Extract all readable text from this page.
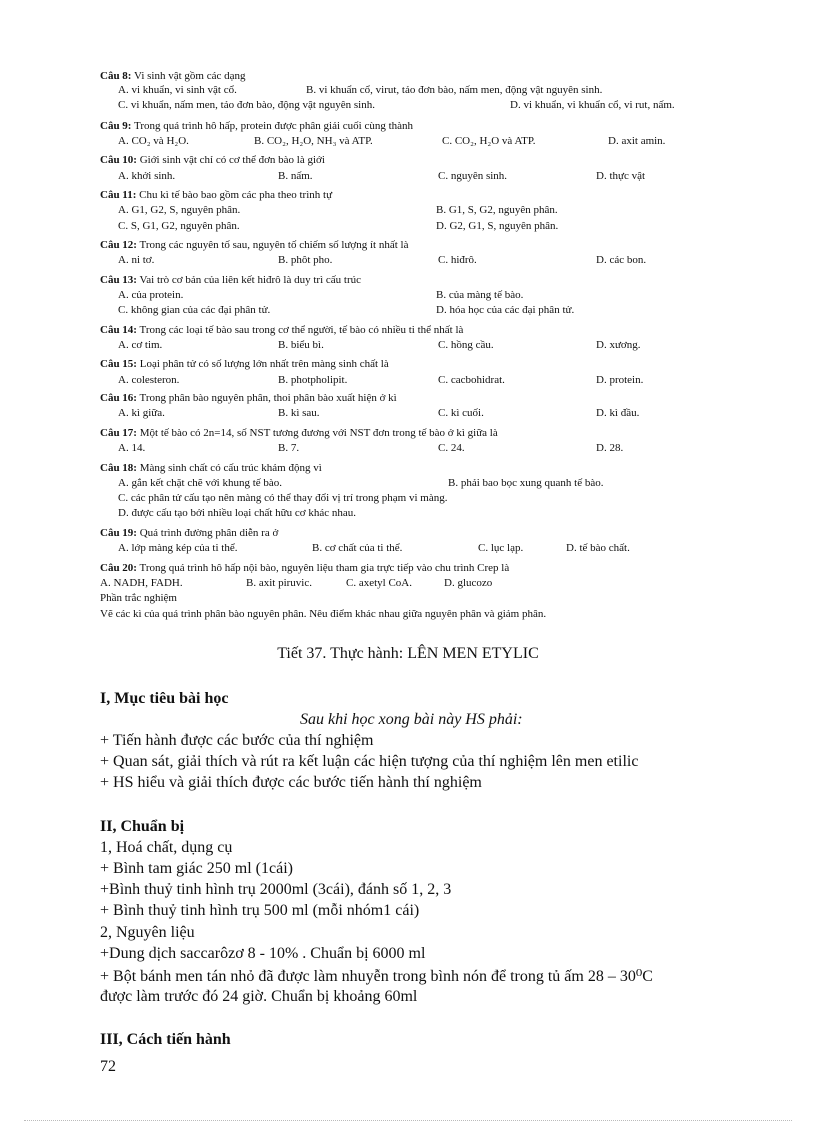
Câu 8: Vi sinh vật gồm các dạng
A. vi khuẩn, vi sinh vật cổ.	B. vi khuẩn cổ, virut, tảo đơn bào, nấm men, động vật nguyên sinh.
C. vi khuẩn, nấm men, tảo đơn bào, động vật nguyên sinh.	D. vi khuẩn, vi khuẩn cổ, vi rut, nấm.
Câu 9: Trong quá trình hô hấp, protein được phân giải cuối cùng thành
A. CO₂ và H₂O.	B. CO₂, H₂O, NH₃ và ATP.	C. CO₂, H₂O và ATP.	D. axit amin.
Câu 10: Giới sinh vật chỉ có cơ thể đơn bào là giới
A. khởi sinh.	B. nấm.	C. nguyên sinh.	D. thực vật
Câu 11: Chu kì tế bào bao gồm các pha theo trình tự
A. G1, G2, S, nguyên phân.	B. G1, S, G2, nguyên phân.
C. S, G1, G2, nguyên phân.	D. G2, G1, S, nguyên phân.
Câu 12: Trong các nguyên tố sau, nguyên tố chiếm số lượng ít nhất là
A. ni tơ.	B. phôt pho.	C. hiđrô.	D. các bon.
Câu 13: Vai trò cơ bản của liên kết hiđrô là duy trì cấu trúc
A. của protein.	B. của màng tế bào.
C. không gian của các đại phân tử.	D. hóa học của các đại phân tử.
Câu 14: Trong các loại tế bào sau trong cơ thể người, tế bào có nhiều ti thể nhất là
A. cơ tim.	B. biểu bì.	C. hồng cầu.	D. xương.
Câu 15: Loại phân tử có số lượng lớn nhất trên màng sinh chất là
A. colesteron.	B. photpholipit.	C. cacbohidrat.	D. protein.
Câu 16: Trong phân bào nguyên phân, thoi phân bào xuất hiện ở kì
A. kì giữa.	B. kì sau.	C. kì cuối.	D. kì đầu.
Câu 17: Một tế bào có 2n=14, số NST tương đương với NST đơn trong tế bào ở kì giữa là
A. 14.	B. 7.	C. 24.	D. 28.
Câu 18: Màng sinh chất có cấu trúc khảm động vì
A. gắn kết chặt chẽ với khung tế bào.	B. phải bao bọc xung quanh tế bào.
C. các phân tử cấu tạo nên màng có thể thay đổi vị trí trong phạm vi màng.
D. được cấu tạo bởi nhiều loại chất hữu cơ khác nhau.
Câu 19: Quá trình đường phân diễn ra ở
A. lớp màng kép của ti thể.	B. cơ chất của ti thể.	C. lục lạp.	D. tế bào chất.
Câu 20: Trong quá trình hô hấp nội bào, nguyên liệu tham gia trực tiếp vào chu trình Crep là
A. NADH, FADH.	B. axit piruvic.	C. axetyl CoA.	D. glucozo
Phần trắc nghiệm
Vẽ các kì của quá trình phân bào nguyên phân. Nêu điểm khác nhau giữa nguyên phân và giảm phân.
Tiết 37. Thực hành: LÊN MEN ETYLIC
I, Mục tiêu bài học
Sau khi học xong bài này HS phải:
+ Tiến hành được các bước của thí nghiệm
+ Quan sát, giải thích và rút ra kết luận các hiện tượng của thí nghiệm lên men etilic
+ HS hiểu và giải thích được các bước tiến hành thí nghiệm
II, Chuẩn bị
1, Hoá chất, dụng cụ
+ Bình tam giác 250 ml (1cái)
+Bình thuỷ tinh hình trụ 2000ml (3cái), đánh số 1, 2, 3
+ Bình thuỷ tinh hình trụ 500 ml (mỗi nhóm1 cái)
2, Nguyên liệu
+Dung dịch saccarôzơ 8 - 10% . Chuẩn bị 6000 ml
+ Bột bánh men tán nhỏ đã được làm nhuyễn trong bình nón để trong tủ ấm 28 – 30⁰C
được làm trước đó 24 giờ. Chuẩn bị khoảng 60ml
III, Cách tiến hành
72
